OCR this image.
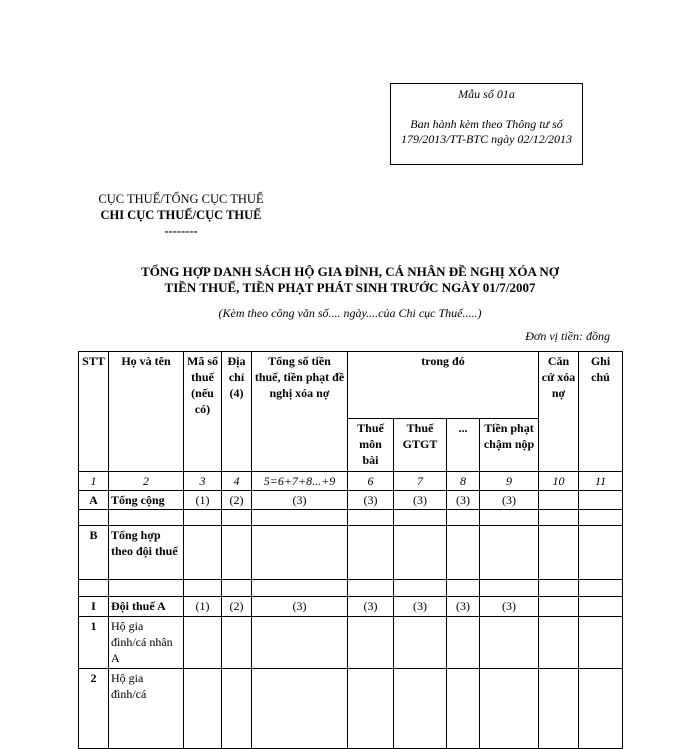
Mẫu số 01a
Ban hành kèm theo Thông tư số 179/2013/TT-BTC ngày 02/12/2013
CỤC THUẾ/TỔNG CỤC THUẾ
CHI CỤC THUẾ/CỤC THUẾ
--------
TỔNG HỢP DANH SÁCH HỘ GIA ĐÌNH, CÁ NHÂN ĐỀ NGHỊ XÓA NỢ
TIỀN THUẾ, TIỀN PHẠT PHÁT SINH TRƯỚC NGÀY 01/7/2007
(Kèm theo công văn số.... ngày....của Chi cục Thuế.....)
Đơn vị tiền: đồng
STT	Họ và tên	Mã số thuế (nếu có)	Địa chỉ (4)	Tổng số tiền thuế, tiền phạt đề nghị xóa nợ	trong đó				Căn cứ xóa nợ	Ghi chú
					Thuế môn bài	Thuế GTGT	...	Tiền phạt chậm nộp		
1	2	3	4	5=6+7+8...+9	6	7	8	9	10	11
A	Tổng cộng	(1)	(2)	(3)	(3)	(3)	(3)	(3)		

B	Tổng hợp theo đội thuế									

I	Đội thuế A	(1)	(2)	(3)	(3)	(3)	(3)	(3)		
1	Hộ gia đình/cá nhân A									
2	Hộ gia đình/cá									
